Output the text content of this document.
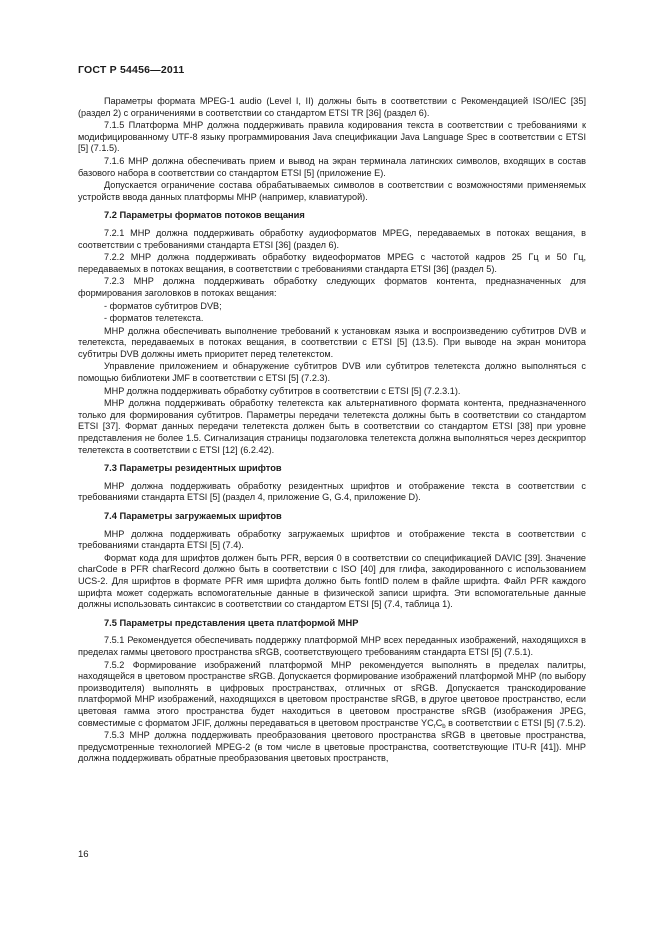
ГОСТ Р 54456—2011

Параметры формата MPEG-1 audio (Level I, II) должны быть в соответствии с Рекомендацией ISO/IEC [35] (раздел 2) с ограничениями в соответствии со стандартом ETSI TR [36] (раздел 6).

7.1.5 Платформа MHP должна поддерживать правила кодирования текста в соответствии с требованиями к модифицированному UTF-8 языку программирования Java спецификации Java Language Spec в соответствии с ETSI [5] (7.1.5).

7.1.6 MHP должна обеспечивать прием и вывод на экран терминала латинских символов, входящих в состав базового набора в соответствии со стандартом ETSI [5] (приложение E).

Допускается ограничение состава обрабатываемых символов в соответствии с возможностями применяемых устройств ввода данных платформы MHP (например, клавиатурой).

7.2 Параметры форматов потоков вещания

7.2.1 MHP должна поддерживать обработку аудиоформатов MPEG, передаваемых в потоках вещания, в соответствии с требованиями стандарта ETSI [36] (раздел 6).

7.2.2 MHP должна поддерживать обработку видеоформатов MPEG с частотой кадров 25 Гц и 50 Гц, передаваемых в потоках вещания, в соответствии с требованиями стандарта ETSI [36] (раздел 5).

7.2.3 MHP должна поддерживать обработку следующих форматов контента, предназначенных для формирования заголовков в потоках вещания:

- форматов субтитров DVB;
- форматов телетекста.

MHP должна обеспечивать выполнение требований к установкам языка и воспроизведению субтитров DVB и телетекста, передаваемых в потоках вещания, в соответствии с ETSI [5] (13.5). При выводе на экран монитора субтитры DVB должны иметь приоритет перед телетекстом.

Управление приложением и обнаружение субтитров DVB или субтитров телетекста должно выполняться с помощью библиотеки JMF в соответствии с ETSI [5] (7.2.3).

MHP должна поддерживать обработку субтитров в соответствии с ETSI [5] (7.2.3.1).

MHP должна поддерживать обработку телетекста как альтернативного формата контента, предназначенного только для формирования субтитров. Параметры передачи телетекста должны быть в соответствии со стандартом ETSI [37]. Формат данных передачи телетекста должен быть в соответствии со стандартом ETSI [38] при уровне представления не более 1.5. Сигнализация страницы подзаголовка телетекста должна выполняться через дескриптор телетекста в соответствии с ETSI [12] (6.2.42).

7.3 Параметры резидентных шрифтов

MHP должна поддерживать обработку резидентных шрифтов и отображение текста в соответствии с требованиями стандарта ETSI [5] (раздел 4, приложение G, G.4, приложение D).

7.4 Параметры загружаемых шрифтов

MHP должна поддерживать обработку загружаемых шрифтов и отображение текста в соответствии с требованиями стандарта ETSI [5] (7.4).

Формат кода для шрифтов должен быть PFR, версия 0 в соответствии со спецификацией DAVIC [39]. Значение charCode в PFR charRecord должно быть в соответствии с ISO [40] для глифа, закодированного с использованием UCS-2. Для шрифтов в формате PFR имя шрифта должно быть fontID полем в файле шрифта. Файл PFR каждого шрифта может содержать вспомогательные данные в физической записи шрифта. Эти вспомогательные данные должны использовать синтаксис в соответствии со стандартом ETSI [5] (7.4, таблица 1).

7.5 Параметры представления цвета платформой MHP

7.5.1 Рекомендуется обеспечивать поддержку платформой MHP всех переданных изображений, находящихся в пределах гаммы цветового пространства sRGB, соответствующего требованиям стандарта ETSI [5] (7.5.1).

7.5.2 Формирование изображений платформой MHP рекомендуется выполнять в пределах палитры, находящейся в цветовом пространстве sRGB. Допускается формирование изображений платформой MHP (по выбору производителя) выполнять в цифровых пространствах, отличных от sRGB. Допускается транскодирование платформой MHP изображений, находящихся в цветовом пространстве sRGB, в другое цветовое пространство, если цветовая гамма этого пространства будет находиться в цветовом пространстве sRGB (изображения JPEG, совместимые с форматом JFIF, должны передаваться в цветовом пространстве $YC_rC_b$ в соответствии с ETSI [5] (7.5.2).

7.5.3 MHP должна поддерживать преобразования цветового пространства sRGB в цветовые пространства, предусмотренные технологией MPEG-2 (в том числе в цветовые пространства, соответствующие ITU-R [41]). MHP должна поддерживать обратные преобразования цветовых пространств,

16
